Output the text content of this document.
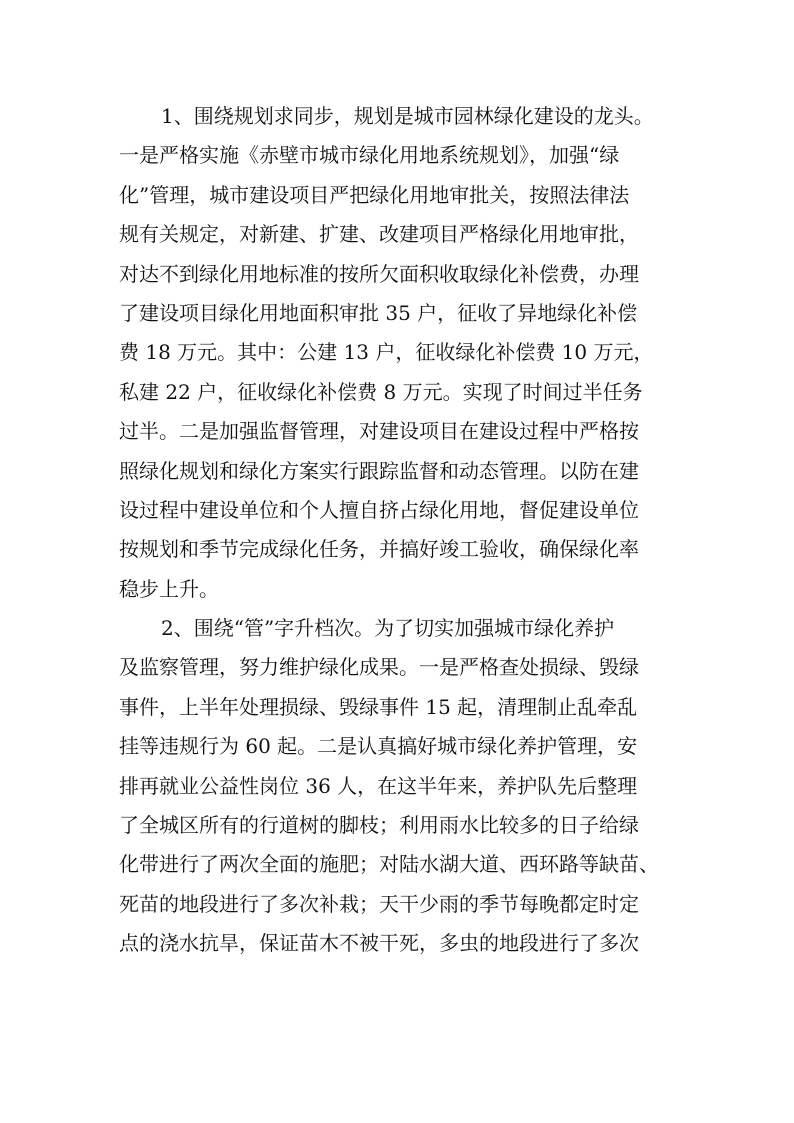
1、围绕规划求同步，规划是城市园林绿化建设的龙头。
一是严格实施《赤壁市城市绿化用地系统规划》，加强“绿
化”管理，城市建设项目严把绿化用地审批关，按照法律法
规有关规定，对新建、扩建、改建项目严格绿化用地审批，
对达不到绿化用地标准的按所欠面积收取绿化补偿费，办理
了建设项目绿化用地面积审批 35 户，征收了异地绿化补偿
费 18 万元。其中：公建 13 户，征收绿化补偿费 10 万元，
私建 22 户，征收绿化补偿费 8 万元。实现了时间过半任务
过半。二是加强监督管理，对建设项目在建设过程中严格按
照绿化规划和绿化方案实行跟踪监督和动态管理。以防在建
设过程中建设单位和个人擅自挤占绿化用地，督促建设单位
按规划和季节完成绿化任务，并搞好竣工验收，确保绿化率
稳步上升。
2、围绕“管”字升档次。为了切实加强城市绿化养护
及监察管理，努力维护绿化成果。一是严格查处损绿、毁绿
事件，上半年处理损绿、毁绿事件 15 起，清理制止乱牵乱
挂等违规行为 60 起。二是认真搞好城市绿化养护管理，安
排再就业公益性岗位 36 人，在这半年来，养护队先后整理
了全城区所有的行道树的脚枝；利用雨水比较多的日子给绿
化带进行了两次全面的施肥；对陆水湖大道、西环路等缺苗、
死苗的地段进行了多次补栽；天干少雨的季节每晚都定时定
点的浇水抗旱，保证苗木不被干死，多虫的地段进行了多次
